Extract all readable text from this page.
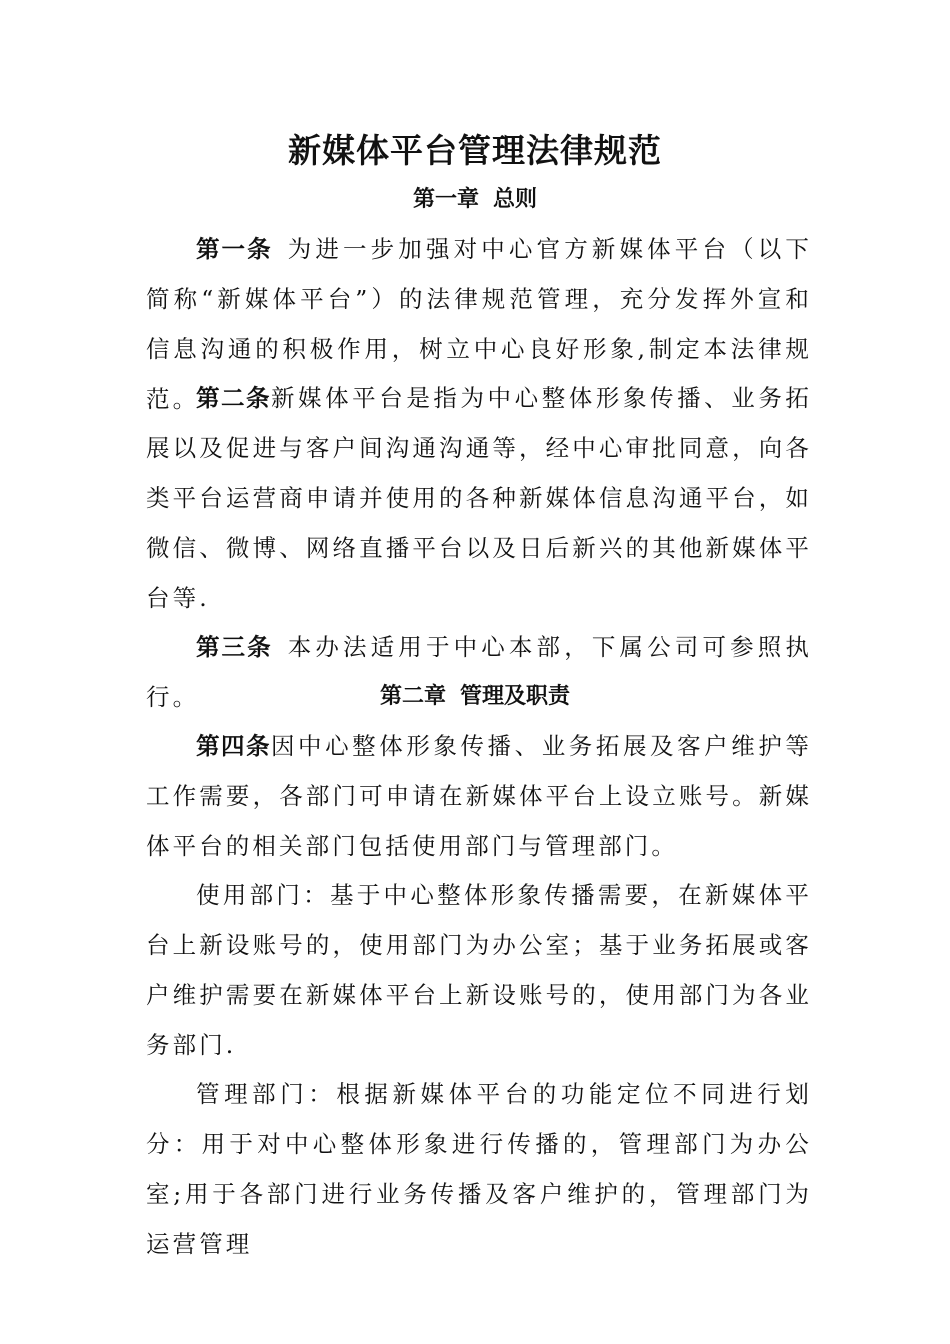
新媒体平台管理法律规范
第一章 总则

第一条 为进一步加强对中心官方新媒体平台（以下简称“新媒体平台”）的法律规范管理，充分发挥外宣和信息沟通的积极作用，树立中心良好形象,制定本法律规范。

第二条新媒体平台是指为中心整体形象传播、业务拓展以及促进与客户间沟通沟通等，经中心审批同意，向各类平台运营商申请并使用的各种新媒体信息沟通平台，如微信、微博、网络直播平台以及日后新兴的其他新媒体平台等.

第三条 本办法适用于中心本部，下属公司可参照执行。	第二章 管理及职责

第四条因中心整体形象传播、业务拓展及客户维护等工作需要，各部门可申请在新媒体平台上设立账号。新媒体平台的相关部门包括使用部门与管理部门。

使用部门：基于中心整体形象传播需要，在新媒体平台上新设账号的，使用部门为办公室；基于业务拓展或客户维护需要在新媒体平台上新设账号的，使用部门为各业务部门.

管理部门：根据新媒体平台的功能定位不同进行划分：用于对中心整体形象进行传播的，管理部门为办公室;用于各部门进行业务传播及客户维护的，管理部门为运营管理
